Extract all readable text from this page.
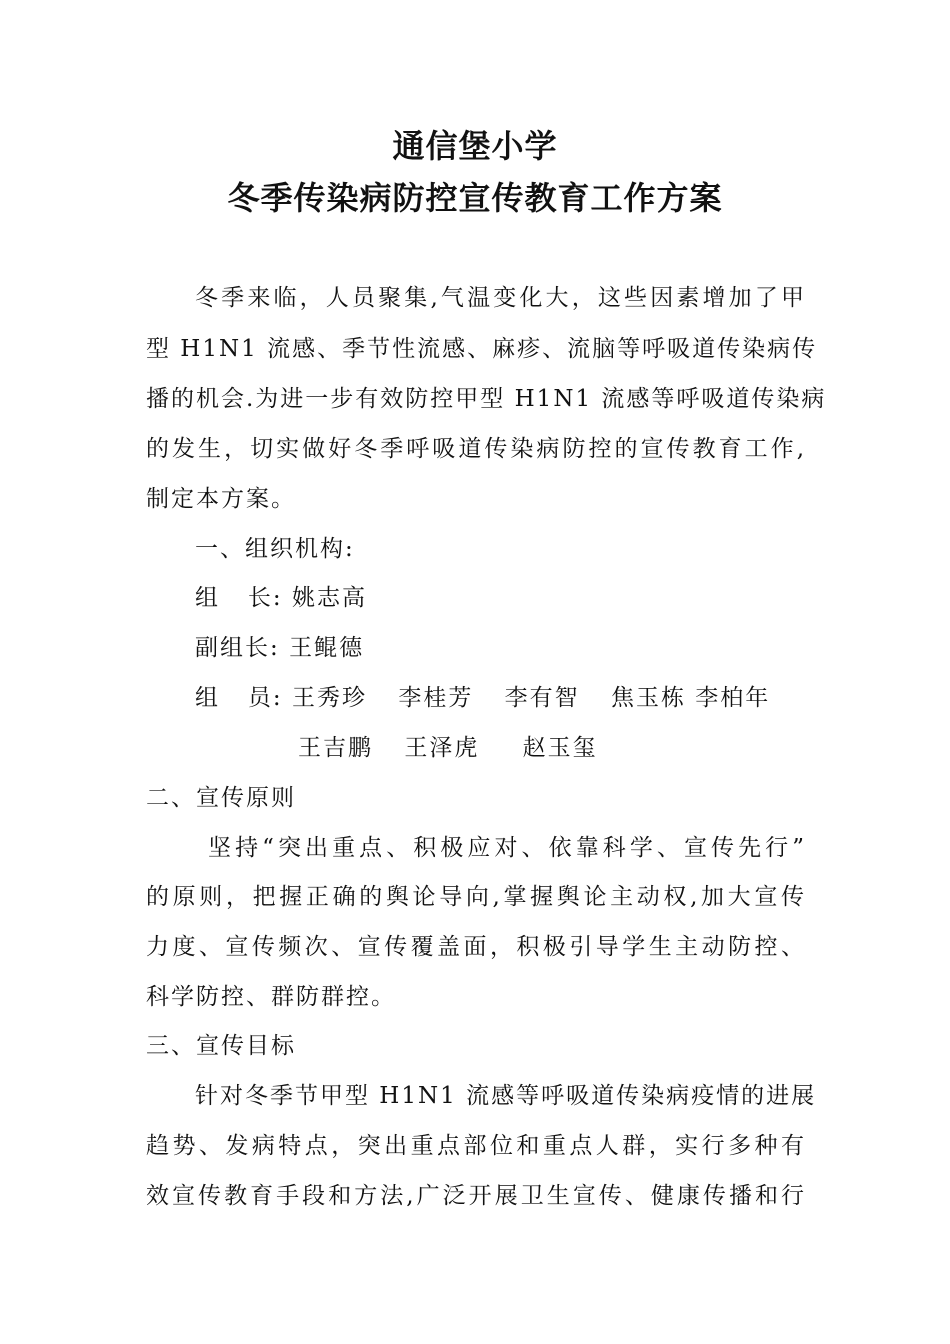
通信堡小学
冬季传染病防控宣传教育工作方案
冬季来临，人员聚集,气温变化大，这些因素增加了甲
型 H1N1 流感、季节性流感、麻疹、流脑等呼吸道传染病传
播的机会.为进一步有效防控甲型 H1N1 流感等呼吸道传染病
的发生，切实做好冬季呼吸道传染病防控的宣传教育工作,
制定本方案。
一、组织机构:
组   长: 姚志高
副组长: 王鲲德
组   员: 王秀珍 李桂芳 李有智 焦玉栋 李柏年
王吉鹏 王泽虎 赵玉玺
二、宣传原则
坚持“突出重点、积极应对、依靠科学、宣传先行”
的原则，把握正确的舆论导向,掌握舆论主动权,加大宣传
力度、宣传频次、宣传覆盖面，积极引导学生主动防控、
科学防控、群防群控。
三、宣传目标
针对冬季节甲型 H1N1 流感等呼吸道传染病疫情的进展
趋势、发病特点，突出重点部位和重点人群，实行多种有
效宣传教育手段和方法,广泛开展卫生宣传、健康传播和行
